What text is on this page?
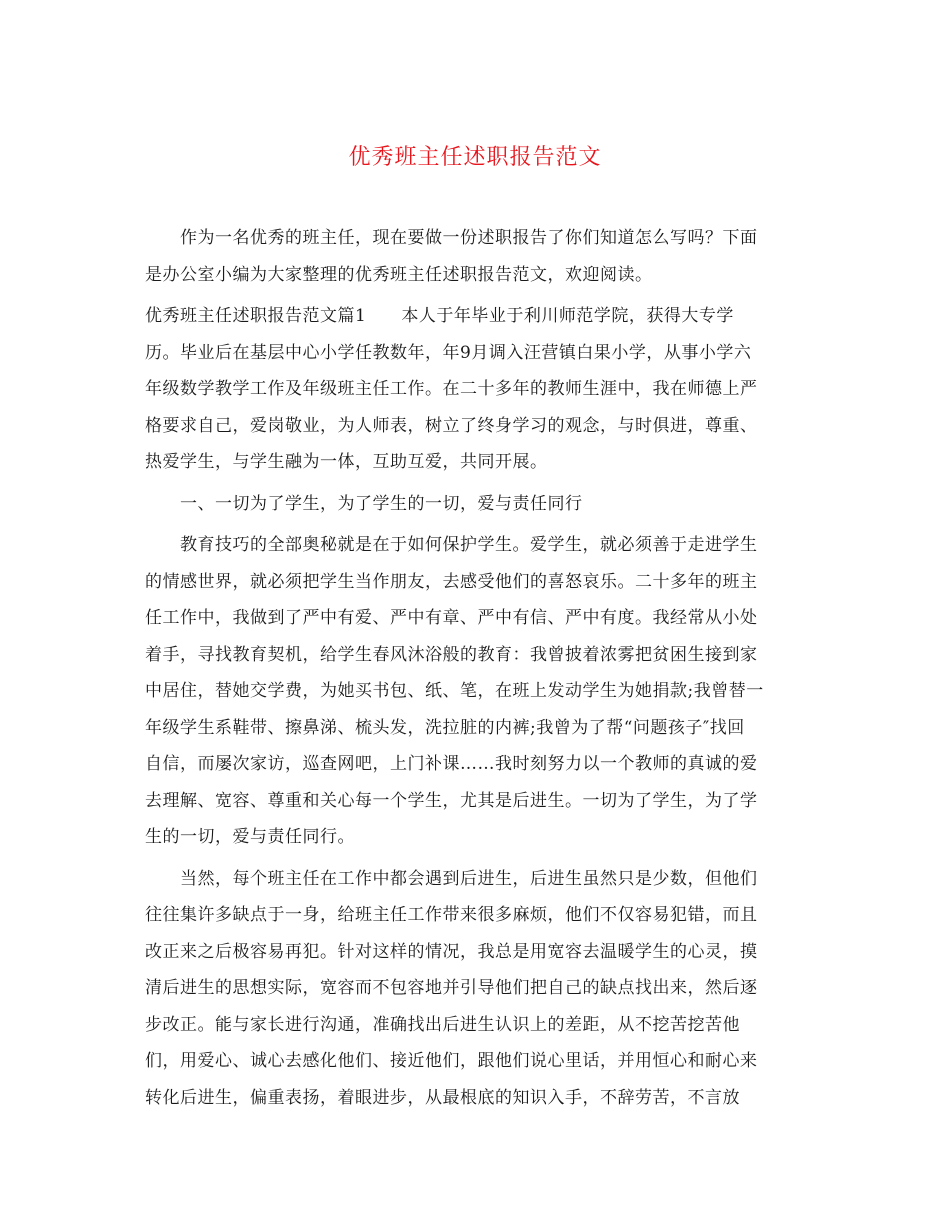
优秀班主任述职报告范文
作为一名优秀的班主任，现在要做一份述职报告了你们知道怎么写吗？下面
是办公室小编为大家整理的优秀班主任述职报告范文，欢迎阅读。
优秀班主任述职报告范文篇1　　本人于年毕业于利川师范学院，获得大专学
历。毕业后在基层中心小学任教数年，年9月调入汪营镇白果小学，从事小学六
年级数学教学工作及年级班主任工作。在二十多年的教师生涯中，我在师德上严
格要求自己，爱岗敬业，为人师表，树立了终身学习的观念，与时俱进，尊重、
热爱学生，与学生融为一体，互助互爱，共同开展。
一、一切为了学生，为了学生的一切，爱与责任同行
教育技巧的全部奥秘就是在于如何保护学生。爱学生，就必须善于走进学生
的情感世界，就必须把学生当作朋友，去感受他们的喜怒哀乐。二十多年的班主
任工作中，我做到了严中有爱、严中有章、严中有信、严中有度。我经常从小处
着手，寻找教育契机，给学生春风沐浴般的教育：我曾披着浓雾把贫困生接到家
中居住，替她交学费，为她买书包、纸、笔，在班上发动学生为她捐款;我曾替一
年级学生系鞋带、擦鼻涕、梳头发，洗拉脏的内裤;我曾为了帮“问题孩子″找回
自信，而屡次家访，巡查网吧，上门补课……我时刻努力以一个教师的真诚的爱
去理解、宽容、尊重和关心每一个学生，尤其是后进生。一切为了学生，为了学
生的一切，爱与责任同行。
当然，每个班主任在工作中都会遇到后进生，后进生虽然只是少数，但他们
往往集许多缺点于一身，给班主任工作带来很多麻烦，他们不仅容易犯错，而且
改正来之后极容易再犯。针对这样的情况，我总是用宽容去温暖学生的心灵，摸
清后进生的思想实际，宽容而不包容地并引导他们把自己的缺点找出来，然后逐
步改正。能与家长进行沟通，准确找出后进生认识上的差距，从不挖苦挖苦他
们，用爱心、诚心去感化他们、接近他们，跟他们说心里话，并用恒心和耐心来
转化后进生，偏重表扬，着眼进步，从最根底的知识入手，不辞劳苦，不言放
